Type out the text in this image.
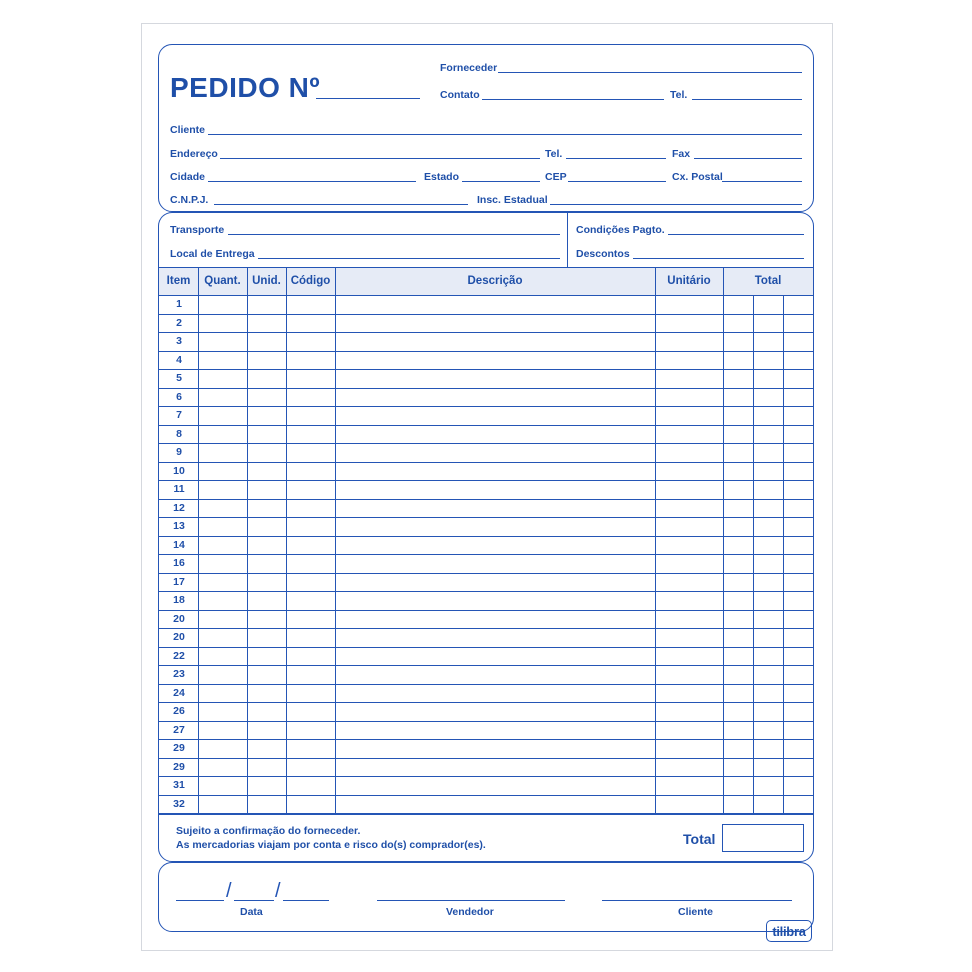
PEDIDO Nº
Forneceder
Contato	Tel.
Cliente
Endereço	Tel.	Fax
Cidade	Estado	CEP	Cx. Postal
C.N.P.J.	Insc. Estadual
Transporte
Local de Entrega
Condições Pagto.
Descontos
Item	Quant. Unid. Código	Descrição	Unitário	Total
1
2
3
4
5
6
7
8
9
10
11
12
13
14
16
17
18
20
20
22
23
24
26
27
29
29
31
32
Sujeito a confirmação do forneceder.
As mercadorias viajam por conta e risco do(s) comprador(es).	Total
/ /
Data	Vendedor	Cliente
tilibra
